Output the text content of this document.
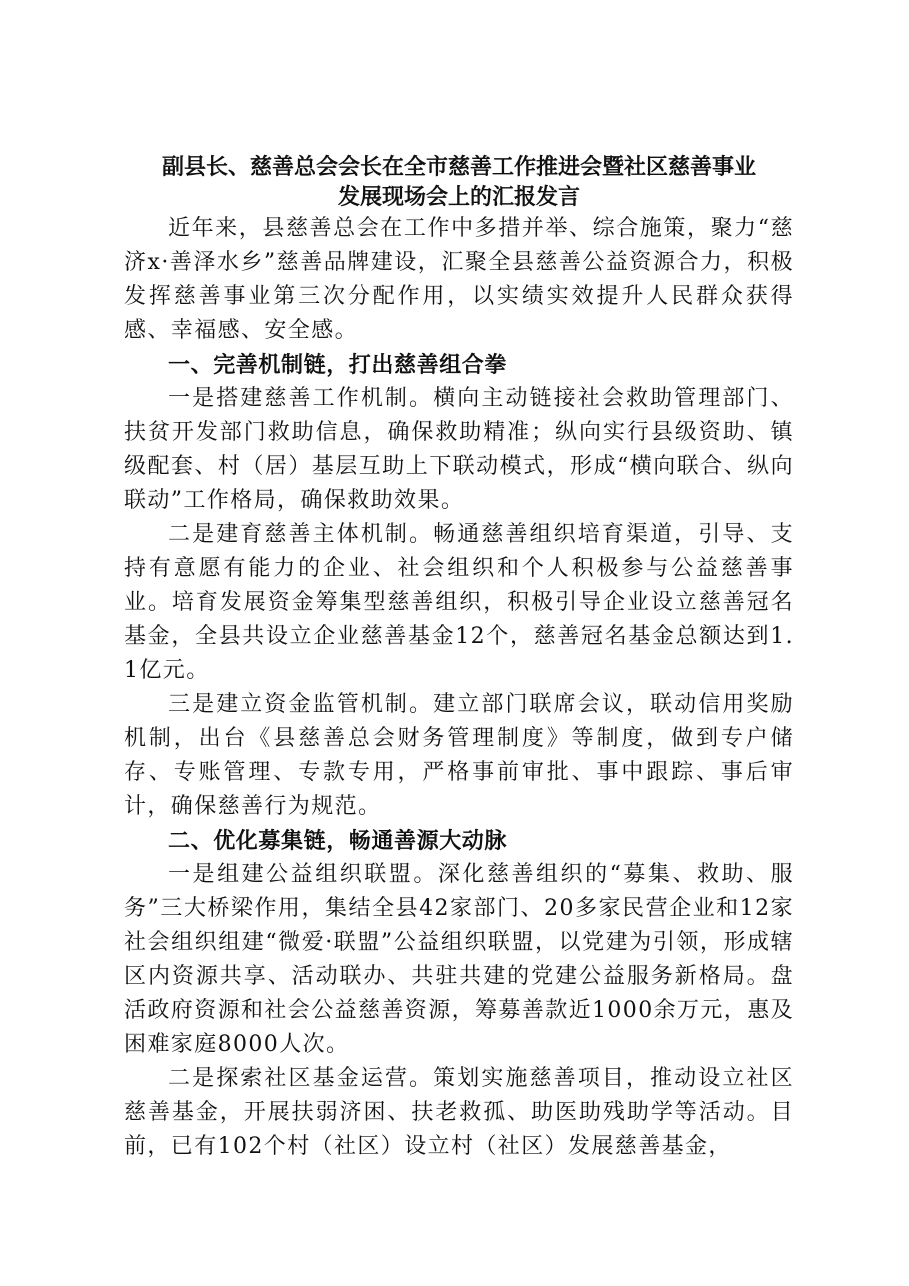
副县长、慈善总会会长在全市慈善工作推进会暨社区慈善事业
发展现场会上的汇报发言

近年来，县慈善总会在工作中多措并举、综合施策，聚力“慈济x·善泽水乡”慈善品牌建设，汇聚全县慈善公益资源合力，积极发挥慈善事业第三次分配作用，以实绩实效提升人民群众获得感、幸福感、安全感。

一、完善机制链，打出慈善组合拳

一是搭建慈善工作机制。横向主动链接社会救助管理部门、扶贫开发部门救助信息，确保救助精准；纵向实行县级资助、镇级配套、村（居）基层互助上下联动模式，形成“横向联合、纵向联动”工作格局，确保救助效果。

二是建育慈善主体机制。畅通慈善组织培育渠道，引导、支持有意愿有能力的企业、社会组织和个人积极参与公益慈善事业。培育发展资金筹集型慈善组织，积极引导企业设立慈善冠名基金，全县共设立企业慈善基金12个，慈善冠名基金总额达到1.1亿元。

三是建立资金监管机制。建立部门联席会议，联动信用奖励机制，出台《县慈善总会财务管理制度》等制度，做到专户储存、专账管理、专款专用，严格事前审批、事中跟踪、事后审计，确保慈善行为规范。

二、优化募集链，畅通善源大动脉

一是组建公益组织联盟。深化慈善组织的“募集、救助、服务”三大桥梁作用，集结全县42家部门、20多家民营企业和12家社会组织组建“微爱·联盟”公益组织联盟，以党建为引领，形成辖区内资源共享、活动联办、共驻共建的党建公益服务新格局。盘活政府资源和社会公益慈善资源，筹募善款近1000余万元，惠及困难家庭8000人次。

二是探索社区基金运营。策划实施慈善项目，推动设立社区慈善基金，开展扶弱济困、扶老救孤、助医助残助学等活动。目前，已有102个村（社区）设立村（社区）发展慈善基金，
